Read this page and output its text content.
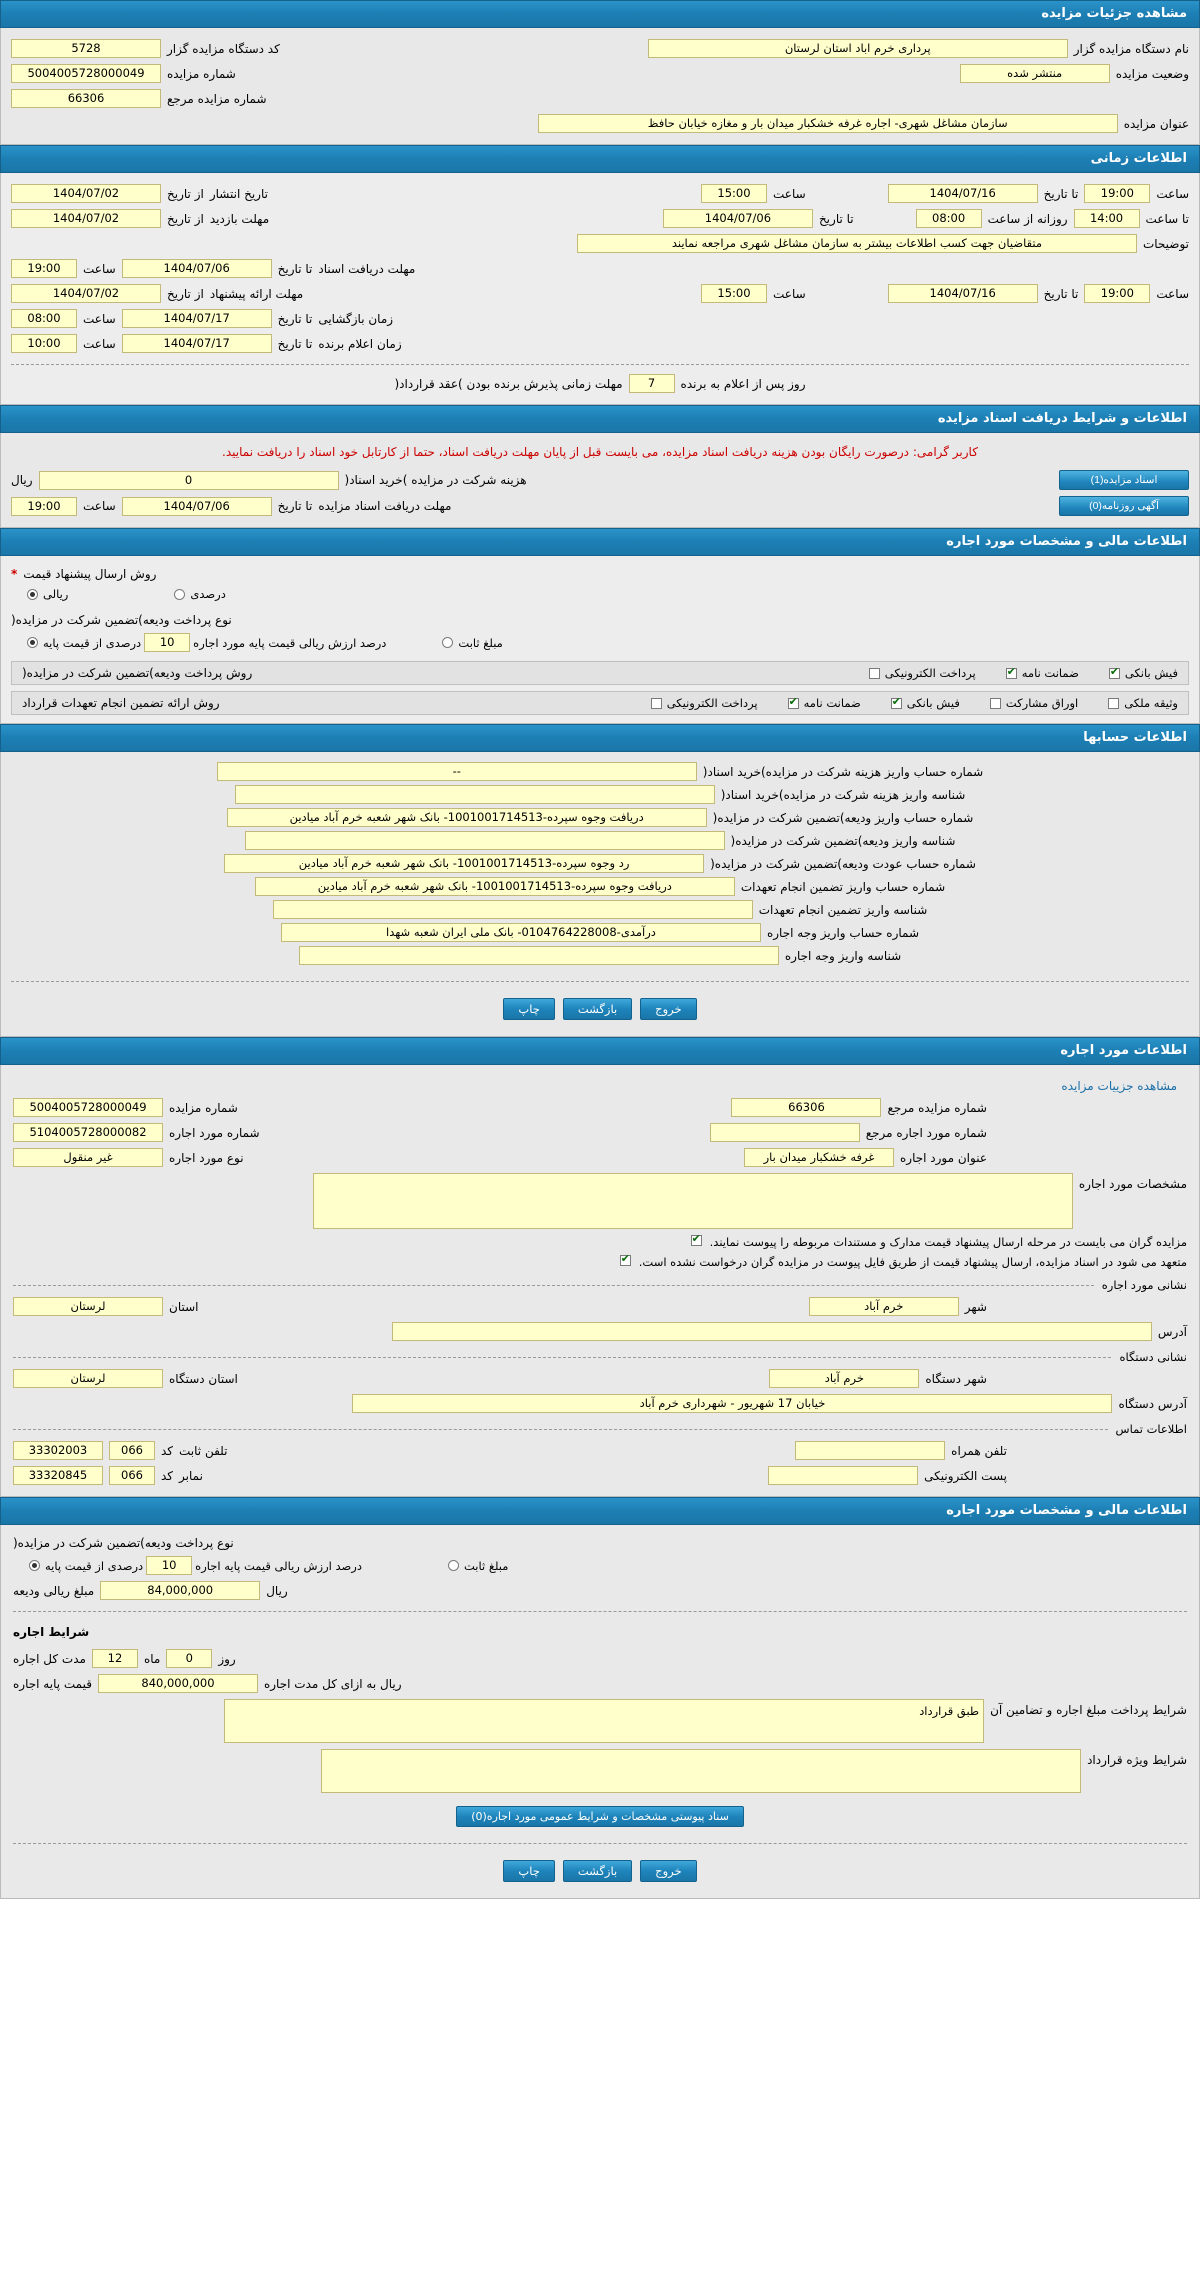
مشاهده جزئیات مزایده
نام دستگاه مزایده گزار
پرداری خرم اباد استان لرستان
کد دستگاه مزایده گزار
5728
وضعیت مزایده
منتشر شده
شماره مزایده
5004005728000049
شماره مزایده مرجع
66306
عنوان مزایده
سازمان مشاغل شهری- اجاره غرفه خشکبار میدان بار و مغازه خیابان حافظ
اطلاعات زمانی
ساعت
19:00
تا تاریخ
1404/07/16
ساعت
15:00
تاریخ انتشار
از تاریخ
1404/07/02
تا ساعت
14:00
روزانه از ساعت
08:00
تا تاریخ
1404/07/06
مهلت بازدید
از تاریخ
1404/07/02
توضیحات
متقاضیان جهت کسب اطلاعات بیشتر به سازمان مشاغل شهری مراجعه نمایند
مهلت دریافت اسناد
تا تاریخ
1404/07/06
ساعت
19:00
ساعت
19:00
تا تاریخ
1404/07/16
ساعت
15:00
مهلت ارائه پیشنهاد
از تاریخ
1404/07/02
زمان بازگشایی
تا تاریخ
1404/07/17
ساعت
08:00
زمان اعلام برنده
تا تاریخ
1404/07/17
ساعت
10:00
روز پس از اعلام به برنده
7
مهلت زمانی پذیرش برنده بودن )عقد قرارداد(
اطلاعات و شرایط دریافت اسناد مزایده
کاربر گرامی: درصورت رایگان بودن هزینه دریافت اسناد مزایده، می بایست قبل از پایان مهلت دریافت اسناد، حتما از کارتابل خود اسناد را دریافت نمایید.
اسناد مزایده(1)
هزینه شرکت در مزایده )خرید اسناد(
0
ریال
آگهی روزنامه(0)
مهلت دریافت اسناد مزایده
تا تاریخ
1404/07/06
ساعت
19:00
اطلاعات مالی و مشخصات مورد اجاره
روش ارسال پیشنهاد قیمت
*
درصدی
ریالی
نوع پرداخت ودیعه)تضمین شرکت در مزایده(
مبلغ ثابت
درصد ارزش ریالی قیمت پایه مورد اجاره
10
درصدی از قیمت پایه
فیش بانکی
✔
ضمانت نامه
✔
پرداخت الکترونیکی
روش پرداخت ودیعه)تضمین شرکت در مزایده(
وثیقه ملکی
اوراق مشارکت
فیش بانکی
✔
ضمانت نامه
✔
پرداخت الکترونیکی
روش ارائه تضمین انجام تعهدات قرارداد
اطلاعات حسابها
شماره حساب واریز هزینه شرکت در مزایده)خرید اسناد(
--
شناسه واریز هزینه شرکت در مزایده)خرید اسناد(
شماره حساب واریز ودیعه)تضمین شرکت در مزایده(
دریافت وجوه سپرده-1001001714513- بانک شهر شعبه خرم آباد میادین
شناسه واریز ودیعه)تضمین شرکت در مزایده(
شماره حساب عودت ودیعه)تضمین شرکت در مزایده(
رد وجوه سپرده-1001001714513- بانک شهر شعبه خرم آباد میادین
شماره حساب واریز تضمین انجام تعهدات
دریافت وجوه سپرده-1001001714513- بانک شهر شعبه خرم آباد میادین
شناسه واریز تضمین انجام تعهدات
شماره حساب واریز وجه اجاره
درآمدی-0104764228008- بانک ملی ایران شعبه شهدا
شناسه واریز وجه اجاره
خروج
بازگشت
چاپ
اطلاعات مورد اجاره
مشاهده جزییات مزایده
شماره مزایده مرجع
66306
شماره مزایده
5004005728000049
شماره مورد اجاره مرجع
شماره مورد اجاره
5104005728000082
عنوان مورد اجاره
غرفه خشکبار میدان بار
نوع مورد اجاره
غیر منقول
مشخصات مورد اجاره
مزایده گران می بایست در مرحله ارسال پیشنهاد قیمت مدارک و مستندات مربوطه را پیوست نمایند.
✔
متعهد می شود در اسناد مزایده، ارسال پیشنهاد قیمت از طریق فایل پیوست در مزایده گران درخواست نشده است.
✔
نشانی مورد اجاره
شهر
خرم آباد
استان
لرستان
آدرس
نشانی دستگاه
شهر دستگاه
خرم آباد
استان دستگاه
لرستان
آدرس دستگاه
خیابان 17 شهریور - شهرداری خرم آباد
اطلاعات تماس
تلفن همراه
تلفن ثابت
کد
066
33302003
پست الکترونیکی
نمابر
کد
066
33320845
اطلاعات مالی و مشخصات مورد اجاره
نوع پرداخت ودیعه)تضمین شرکت در مزایده(
مبلغ ثابت
درصد ارزش ریالی قیمت پایه اجاره
10
درصدی از قیمت پایه
ریال
84,000,000
مبلغ ریالی ودیعه
شرایط اجاره
روز
0
ماه
12
مدت کل اجاره
ریال به ازای کل مدت اجاره
840,000,000
قیمت پایه اجاره
شرایط پرداخت مبلغ اجاره و تضامین آن
طبق قرارداد
شرایط ویژه قرارداد
سناد پیوستی مشخصات و شرایط عمومی مورد اجاره(0)
خروج
بازگشت
چاپ
